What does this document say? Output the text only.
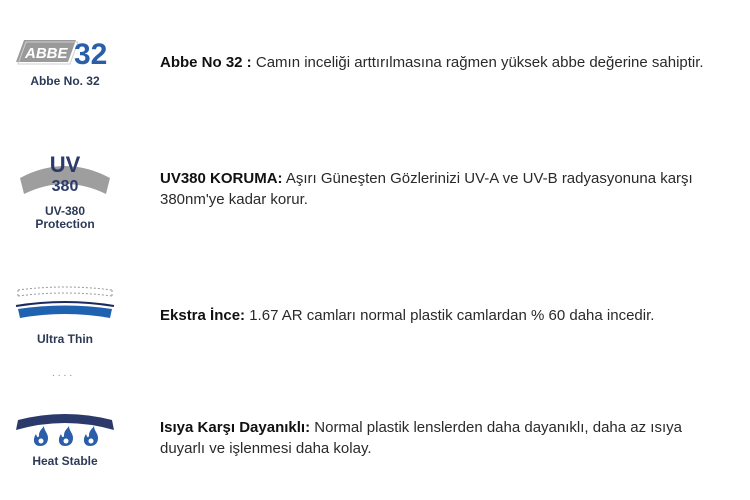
ABBE 32
Abbe No. 32
Abbe No 32 : Camın inceliği arttırılmasına rağmen yüksek abbe değerine sahiptir.
UV
380
UV-380
Protection
UV380 KORUMA: Aşırı Güneşten Gözlerinizi UV-A ve UV-B radyasyonuna karşı 380nm'ye kadar korur.
Ultra Thin
Ekstra İnce: 1.67 AR camları normal plastik camlardan % 60 daha incedir.
....
Heat Stable
Isıya Karşı Dayanıklı: Normal plastik lenslerden daha dayanıklı, daha az ısıya duyarlı ve işlenmesi daha kolay.
